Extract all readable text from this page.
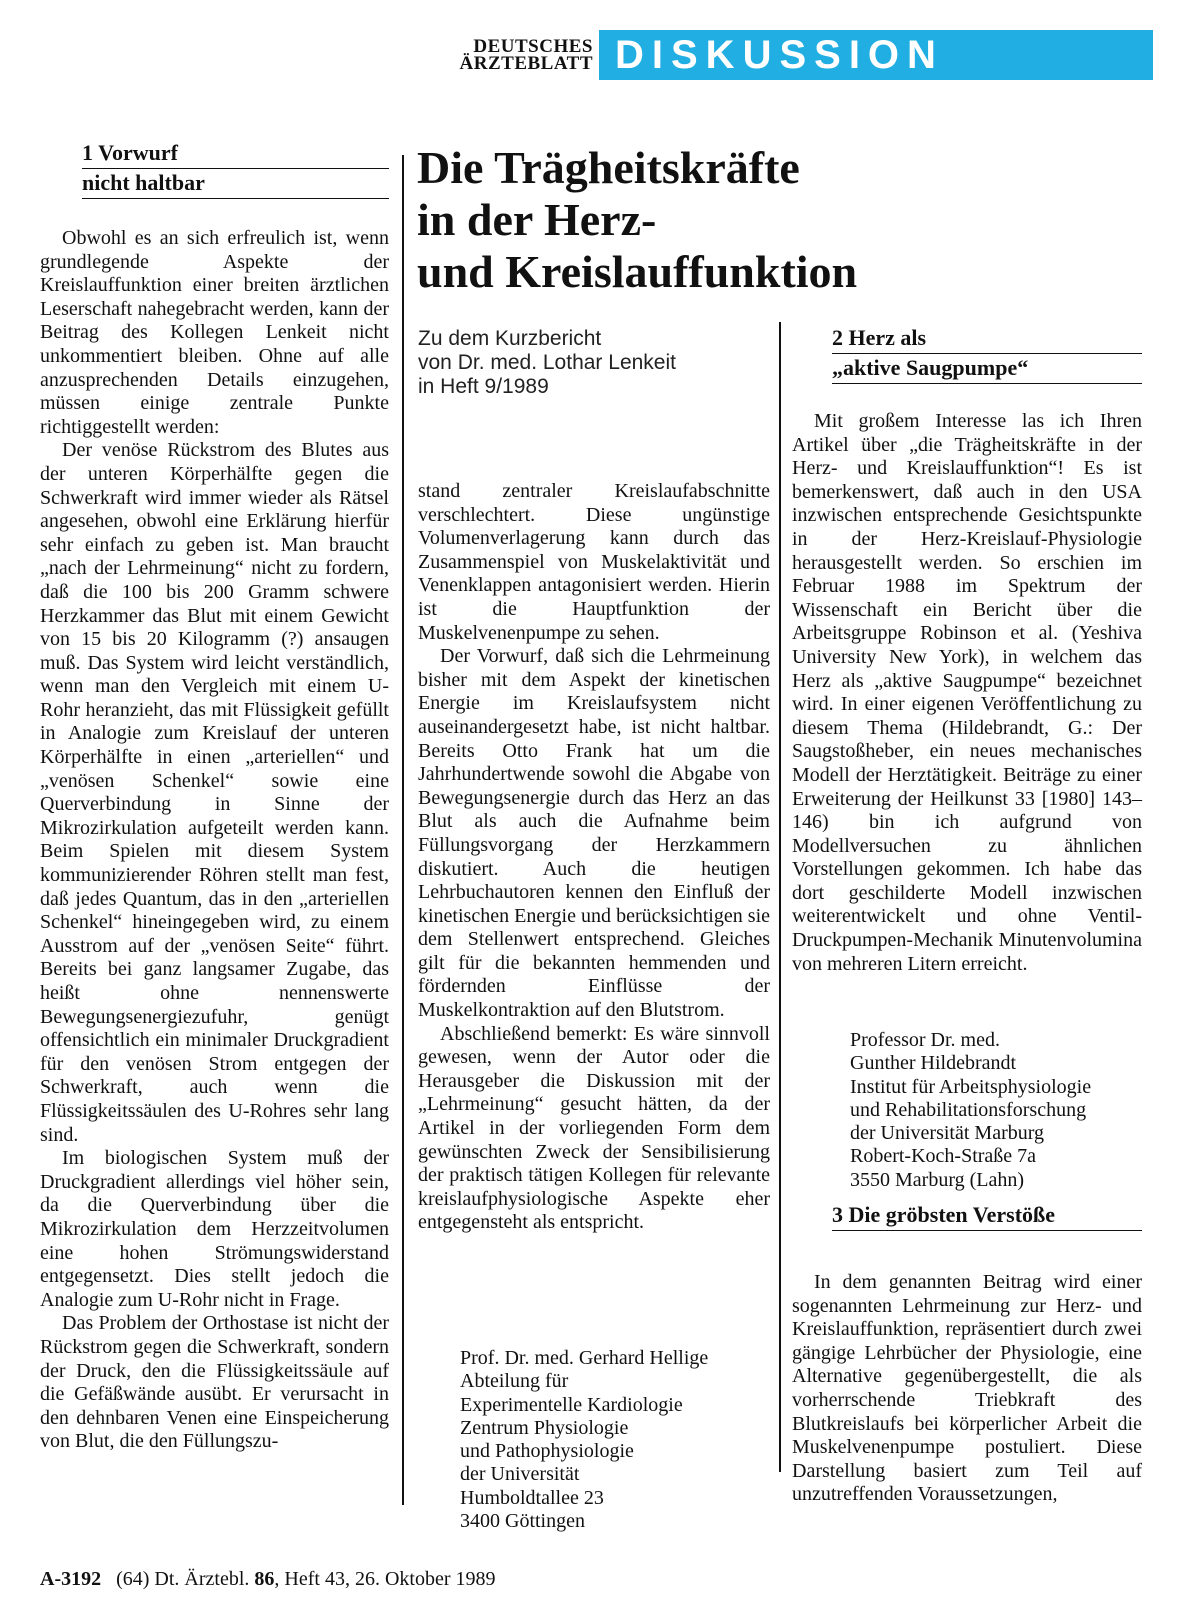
DEUTSCHES
ÄRZTEBLATT DISKUSSION
1 Vorwurf
nicht haltbar	Die Trägheitskräfte
in der Herz-
und Kreislauffunktion
Zu dem Kurzbericht
von Dr. med. Lothar Lenkeit
in Heft 9/1989

Obwohl es an sich erfreulich ist, wenn grundlegende Aspekte der Kreislauffunktion einer breiten ärztlichen Leserschaft nahegebracht werden, kann der Beitrag des Kollegen Lenkeit nicht unkommentiert bleiben. Ohne auf alle anzusprechenden Details einzugehen, müssen einige zentrale Punkte richtiggestellt werden:

Der venöse Rückstrom des Blutes aus der unteren Körperhälfte gegen die Schwerkraft wird immer wieder als Rätsel angesehen, obwohl eine Erklärung hierfür sehr einfach zu geben ist. Man braucht „nach der Lehrmeinung“ nicht zu fordern, daß die 100 bis 200 Gramm schwere Herzkammer das Blut mit einem Gewicht von 15 bis 20 Kilogramm (?) ansaugen muß. Das System wird leicht verständlich, wenn man den Vergleich mit einem U-Rohr heranzieht, das mit Flüssigkeit gefüllt in Analogie zum Kreislauf der unteren Körperhälfte in einen „arteriellen“ und „venösen Schenkel“ sowie eine Querverbindung in Sinne der Mikrozirkulation aufgeteilt werden kann. Beim Spielen mit diesem System kommunizierender Röhren stellt man fest, daß jedes Quantum, das in den „arteriellen Schenkel“ hineingegeben wird, zu einem Ausstrom auf der „venösen Seite“ führt. Bereits bei ganz langsamer Zugabe, das heißt ohne nennenswerte Bewegungsenergiezufuhr, genügt offensichtlich ein minimaler Druckgradient für den venösen Strom entgegen der Schwerkraft, auch wenn die Flüssigkeitssäulen des U-Rohres sehr lang sind.

Im biologischen System muß der Druckgradient allerdings viel höher sein, da die Querverbindung über die Mikrozirkulation dem Herzzeitvolumen eine hohen Strömungswiderstand entgegensetzt. Dies stellt jedoch die Analogie zum U-Rohr nicht in Frage.

Das Problem der Orthostase ist nicht der Rückstrom gegen die Schwerkraft, sondern der Druck, den die Flüssigkeitssäule auf die Gefäßwände ausübt. Er verursacht in den dehnbaren Venen eine Einspeicherung von Blut, die den Füllungszu-

stand zentraler Kreislaufabschnitte verschlechtert. Diese ungünstige Volumenverlagerung kann durch das Zusammenspiel von Muskelaktivität und Venenklappen antagonisiert werden. Hierin ist die Hauptfunktion der Muskelvenenpumpe zu sehen.

Der Vorwurf, daß sich die Lehrmeinung bisher mit dem Aspekt der kinetischen Energie im Kreislaufsystem nicht auseinandergesetzt habe, ist nicht haltbar. Bereits Otto Frank hat um die Jahrhundertwende sowohl die Abgabe von Bewegungsenergie durch das Herz an das Blut als auch die Aufnahme beim Füllungsvorgang der Herzkammern diskutiert. Auch die heutigen Lehrbuchautoren kennen den Einfluß der kinetischen Energie und berücksichtigen sie dem Stellenwert entsprechend. Gleiches gilt für die bekannten hemmenden und fördernden Einflüsse der Muskelkontraktion auf den Blutstrom.

Abschließend bemerkt: Es wäre sinnvoll gewesen, wenn der Autor oder die Herausgeber die Diskussion mit der „Lehrmeinung“ gesucht hätten, da der Artikel in der vorliegenden Form dem gewünschten Zweck der Sensibilisierung der praktisch tätigen Kollegen für relevante kreislaufphysiologische Aspekte eher entgegensteht als entspricht.

Prof. Dr. med. Gerhard Hellige
Abteilung für
Experimentelle Kardiologie
Zentrum Physiologie
und Pathophysiologie
der Universität
Humboldtallee 23
3400 Göttingen
2 Herz als
„aktive Saugpumpe“

Mit großem Interesse las ich Ihren Artikel über „die Trägheitskräfte in der Herz- und Kreislauffunktion“! Es ist bemerkenswert, daß auch in den USA inzwischen entsprechende Gesichtspunkte in der Herz-Kreislauf-Physiologie herausgestellt werden. So erschien im Februar 1988 im Spektrum der Wissenschaft ein Bericht über die Arbeitsgruppe Robinson et al. (Yeshiva University New York), in welchem das Herz als „aktive Saugpumpe“ bezeichnet wird. In einer eigenen Veröffentlichung zu diesem Thema (Hildebrandt, G.: Der Saugstoßheber, ein neues mechanisches Modell der Herztätigkeit. Beiträge zu einer Erweiterung der Heilkunst 33 [1980] 143–146) bin ich aufgrund von Modellversuchen zu ähnlichen Vorstellungen gekommen. Ich habe das dort geschilderte Modell inzwischen weiterentwickelt und ohne Ventil-Druckpumpen-Mechanik Minutenvolumina von mehreren Litern erreicht.

Professor Dr. med.
Gunther Hildebrandt
Institut für Arbeitsphysiologie
und Rehabilitationsforschung
der Universität Marburg
Robert-Koch-Straße 7a
3550 Marburg (Lahn)
3 Die gröbsten Verstöße

In dem genannten Beitrag wird einer sogenannten Lehrmeinung zur Herz- und Kreislauffunktion, repräsentiert durch zwei gängige Lehrbücher der Physiologie, eine Alternative gegenübergestellt, die als vorherrschende Triebkraft des Blutkreislaufs bei körperlicher Arbeit die Muskelvenenpumpe postuliert. Diese Darstellung basiert zum Teil auf unzutreffenden Voraussetzungen,

A-3192 (64) Dt. Ärztebl. 86, Heft 43, 26. Oktober 1989
